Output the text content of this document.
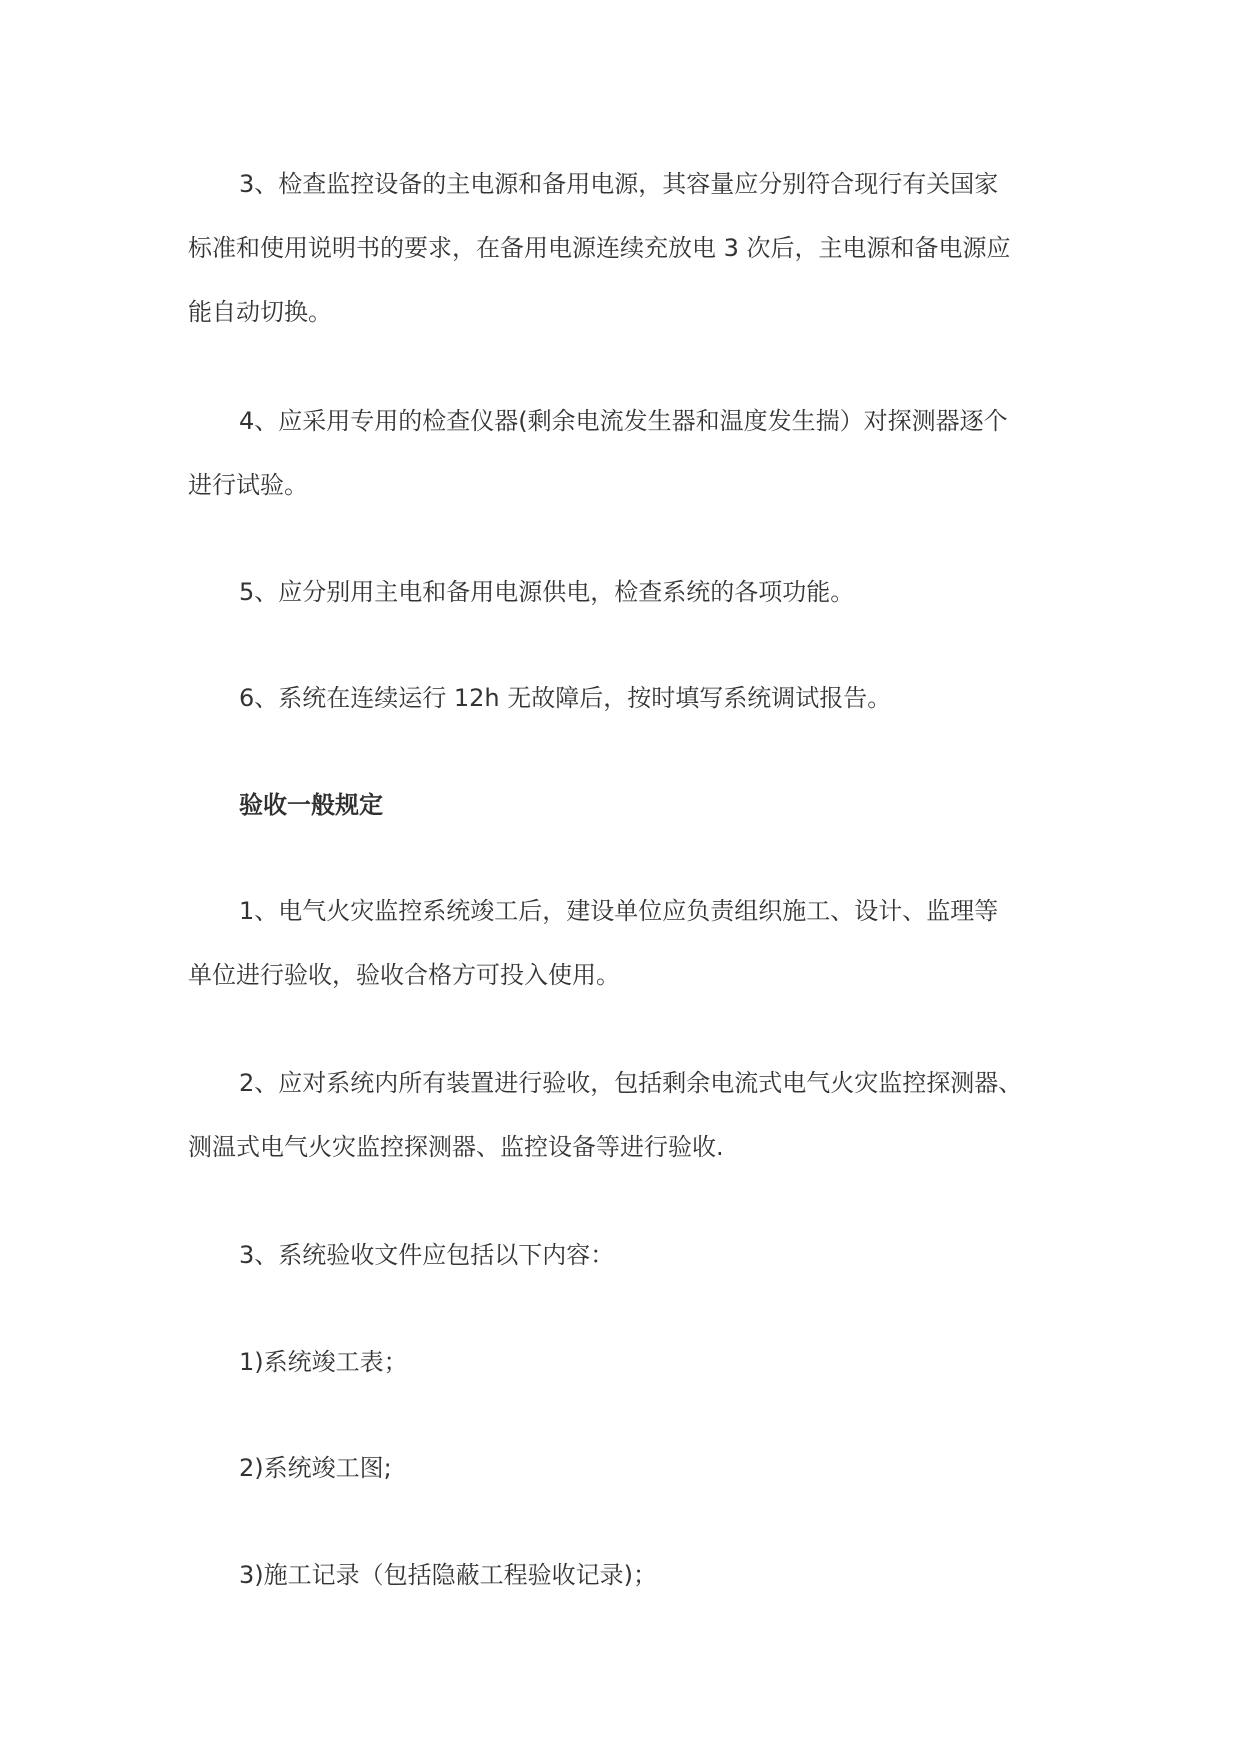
3、检查监控设备的主电源和备用电源，其容量应分别符合现行有关国家
标准和使用说明书的要求，在备用电源连续充放电 3 次后，主电源和备电源应
能自动切换。
4、应采用专用的检查仪器(剩余电流发生器和温度发生揣）对探测器逐个
进行试验。
5、应分别用主电和备用电源供电，检查系统的各项功能。
6、系统在连续运行 12h 无故障后，按时填写系统调试报告。
验收一般规定
1、电气火灾监控系统竣工后，建设单位应负责组织施工、设计、监理等
单位进行验收，验收合格方可投入使用。
2、应对系统内所有装置进行验收，包括剩余电流式电气火灾监控探测器、
测温式电气火灾监控探测器、监控设备等进行验收.
3、系统验收文件应包括以下内容：
1)系统竣工表；
2)系统竣工图;
3)施工记录（包括隐蔽工程验收记录)；
